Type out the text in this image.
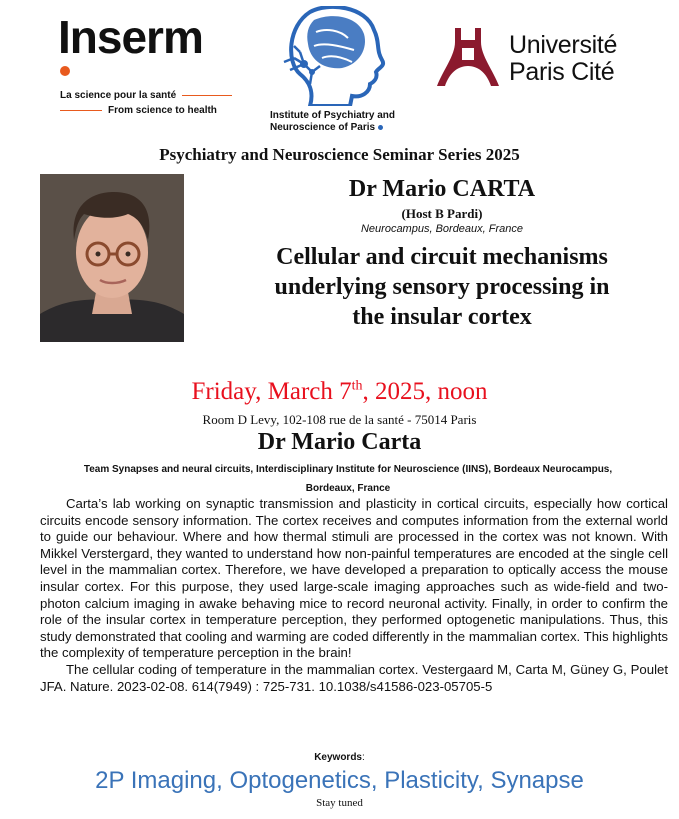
Inserm
La science pour la santé
From science to health	Institute of Psychiatry and
Neuroscience of Paris
Université
Paris Cité
Psychiatry and Neuroscience Seminar Series 2025
Dr Mario CARTA
(Host B Pardi)
Neurocampus, Bordeaux, France
Cellular and circuit mechanisms
underlying sensory processing in
the insular cortex
Friday, March 7th, 2025, noon
Room D Levy, 102-108 rue de la santé - 75014 Paris
Dr Mario Carta
Team Synapses and neural circuits, Interdisciplinary Institute for Neuroscience (IINS), Bordeaux Neurocampus,
Bordeaux, France

Carta’s lab working on synaptic transmission and plasticity in cortical circuits, especially how cortical circuits encode sensory information. The cortex receives and computes information from the external world to guide our behaviour. Where and how thermal stimuli are processed in the cortex was not known. With Mikkel Verstergard, they wanted to understand how non-painful temperatures are encoded at the single cell level in the mammalian cortex. Therefore, we have developed a preparation to optically access the mouse insular cortex. For this purpose, they used large-scale imaging approaches such as wide-field and two-photon calcium imaging in awake behaving mice to record neuronal activity. Finally, in order to confirm the role of the insular cortex in temperature perception, they performed optogenetic manipulations. Thus, this study demonstrated that cooling and warming are coded differently in the mammalian cortex. This highlights the complexity of temperature perception in the brain!

The cellular coding of temperature in the mammalian cortex. Vestergaard M, Carta M, Güney G, Poulet JFA. Nature. 2023-02-08. 614(7949) : 725-731. 10.1038/s41586-023-05705-5

Keywords:
2P Imaging, Optogenetics, Plasticity, Synapse
Stay tuned
